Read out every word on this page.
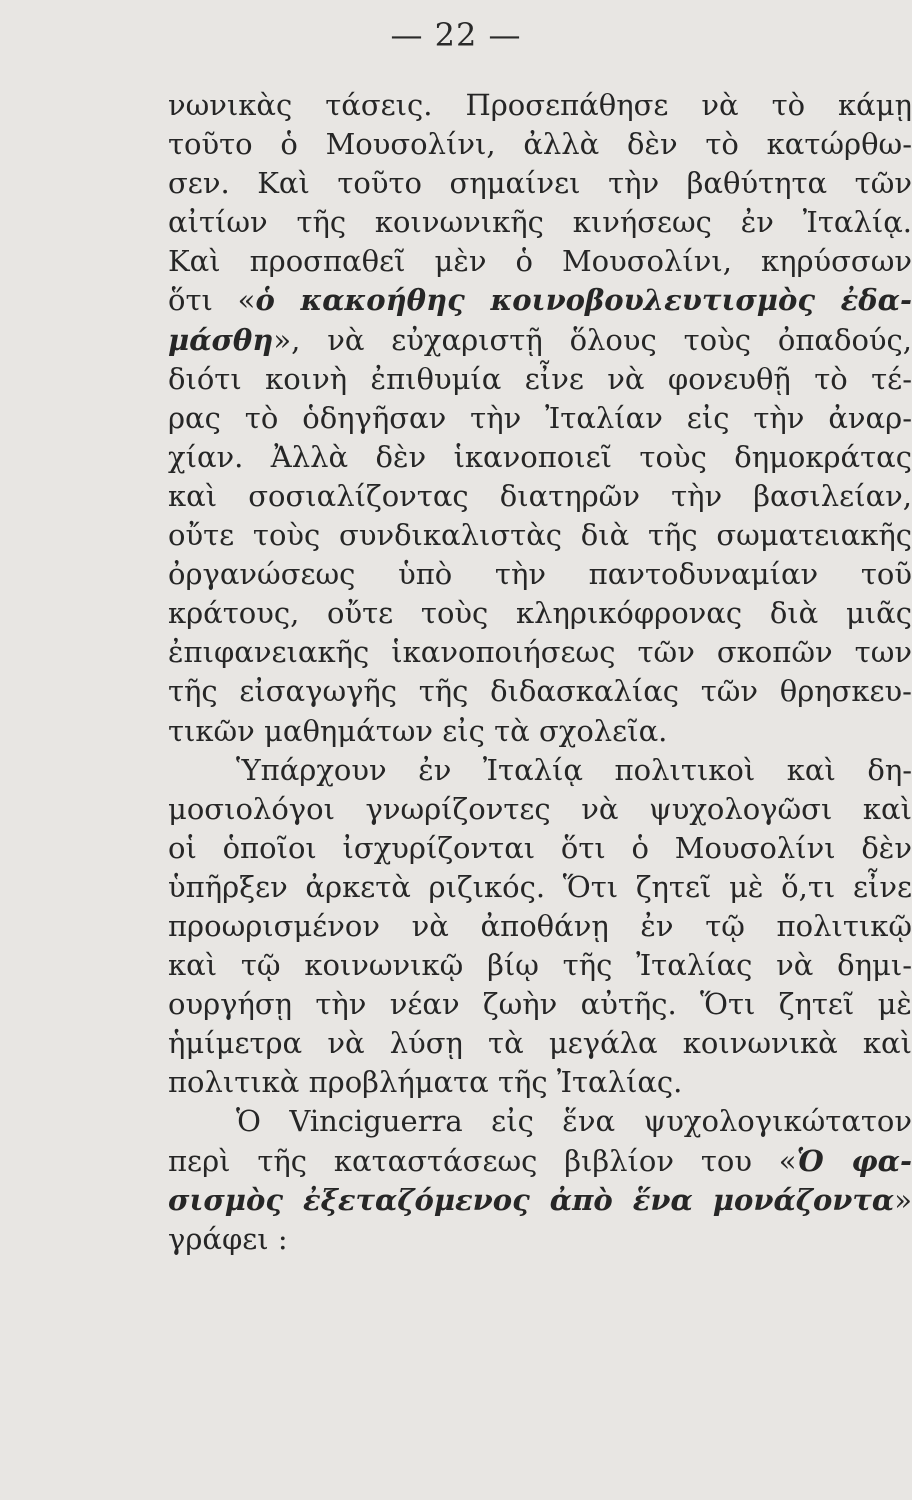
— 22 —
νωνικὰς τάσεις. Προσεπάθησε νὰ τὸ κάμῃ
τοῦτο ὁ Μουσολίνι, ἀλλὰ δὲν τὸ κατώρθω-
σεν. Καὶ τοῦτο σημαίνει τὴν βαθύτητα τῶν
αἰτίων τῆς κοινωνικῆς κινήσεως ἐν Ἰταλίᾳ.
Καὶ προσπαθεῖ μὲν ὁ Μουσολίνι, κηρύσσων
ὅτι «ὁ κακοήθης κοινοβουλευτισμὸς ἐδα-
μάσθη», νὰ εὐχαριστῇ ὅλους τοὺς ὀπαδούς,
διότι κοινὴ ἐπιθυμία εἶνε νὰ φονευθῇ τὸ τέ-
ρας τὸ ὁδηγῆσαν τὴν Ἰταλίαν εἰς τὴν ἀναρ-
χίαν. Ἀλλὰ δὲν ἱκανοποιεῖ τοὺς δημοκράτας
καὶ σοσιαλίζοντας διατηρῶν τὴν βασιλείαν,
οὔτε τοὺς συνδικαλιστὰς διὰ τῆς σωματειακῆς
ὀργανώσεως ὑπὸ τὴν παντοδυναμίαν τοῦ
κράτους, οὔτε τοὺς κληρικόφρονας διὰ μιᾶς
ἐπιφανειακῆς ἱκανοποιήσεως τῶν σκοπῶν των
τῆς εἰσαγωγῆς τῆς διδασκαλίας τῶν θρησκευ-
τικῶν μαθημάτων εἰς τὰ σχολεῖα.
Ὑπάρχουν ἐν Ἰταλίᾳ πολιτικοὶ καὶ δη-
μοσιολόγοι γνωρίζοντες νὰ ψυχολογῶσι καὶ
οἱ ὁποῖοι ἰσχυρίζονται ὅτι ὁ Μουσολίνι δὲν
ὑπῆρξεν ἀρκετὰ ριζικός. Ὅτι ζητεῖ μὲ ὅ,τι εἶνε
προωρισμένον νὰ ἀποθάνῃ ἐν τῷ πολιτικῷ
καὶ τῷ κοινωνικῷ βίῳ τῆς Ἰταλίας νὰ δημι-
ουργήσῃ τὴν νέαν ζωὴν αὐτῆς. Ὅτι ζητεῖ μὲ
ἡμίμετρα νὰ λύσῃ τὰ μεγάλα κοινωνικὰ καὶ
πολιτικὰ προβλήματα τῆς Ἰταλίας.
Ὁ Vinciguerra εἰς ἕνα ψυχολογικώτατον
περὶ τῆς καταστάσεως βιβλίον του «Ὁ φα-
σισμὸς ἐξεταζόμενος ἀπὸ ἕνα μονάζοντα»
γράφει :
